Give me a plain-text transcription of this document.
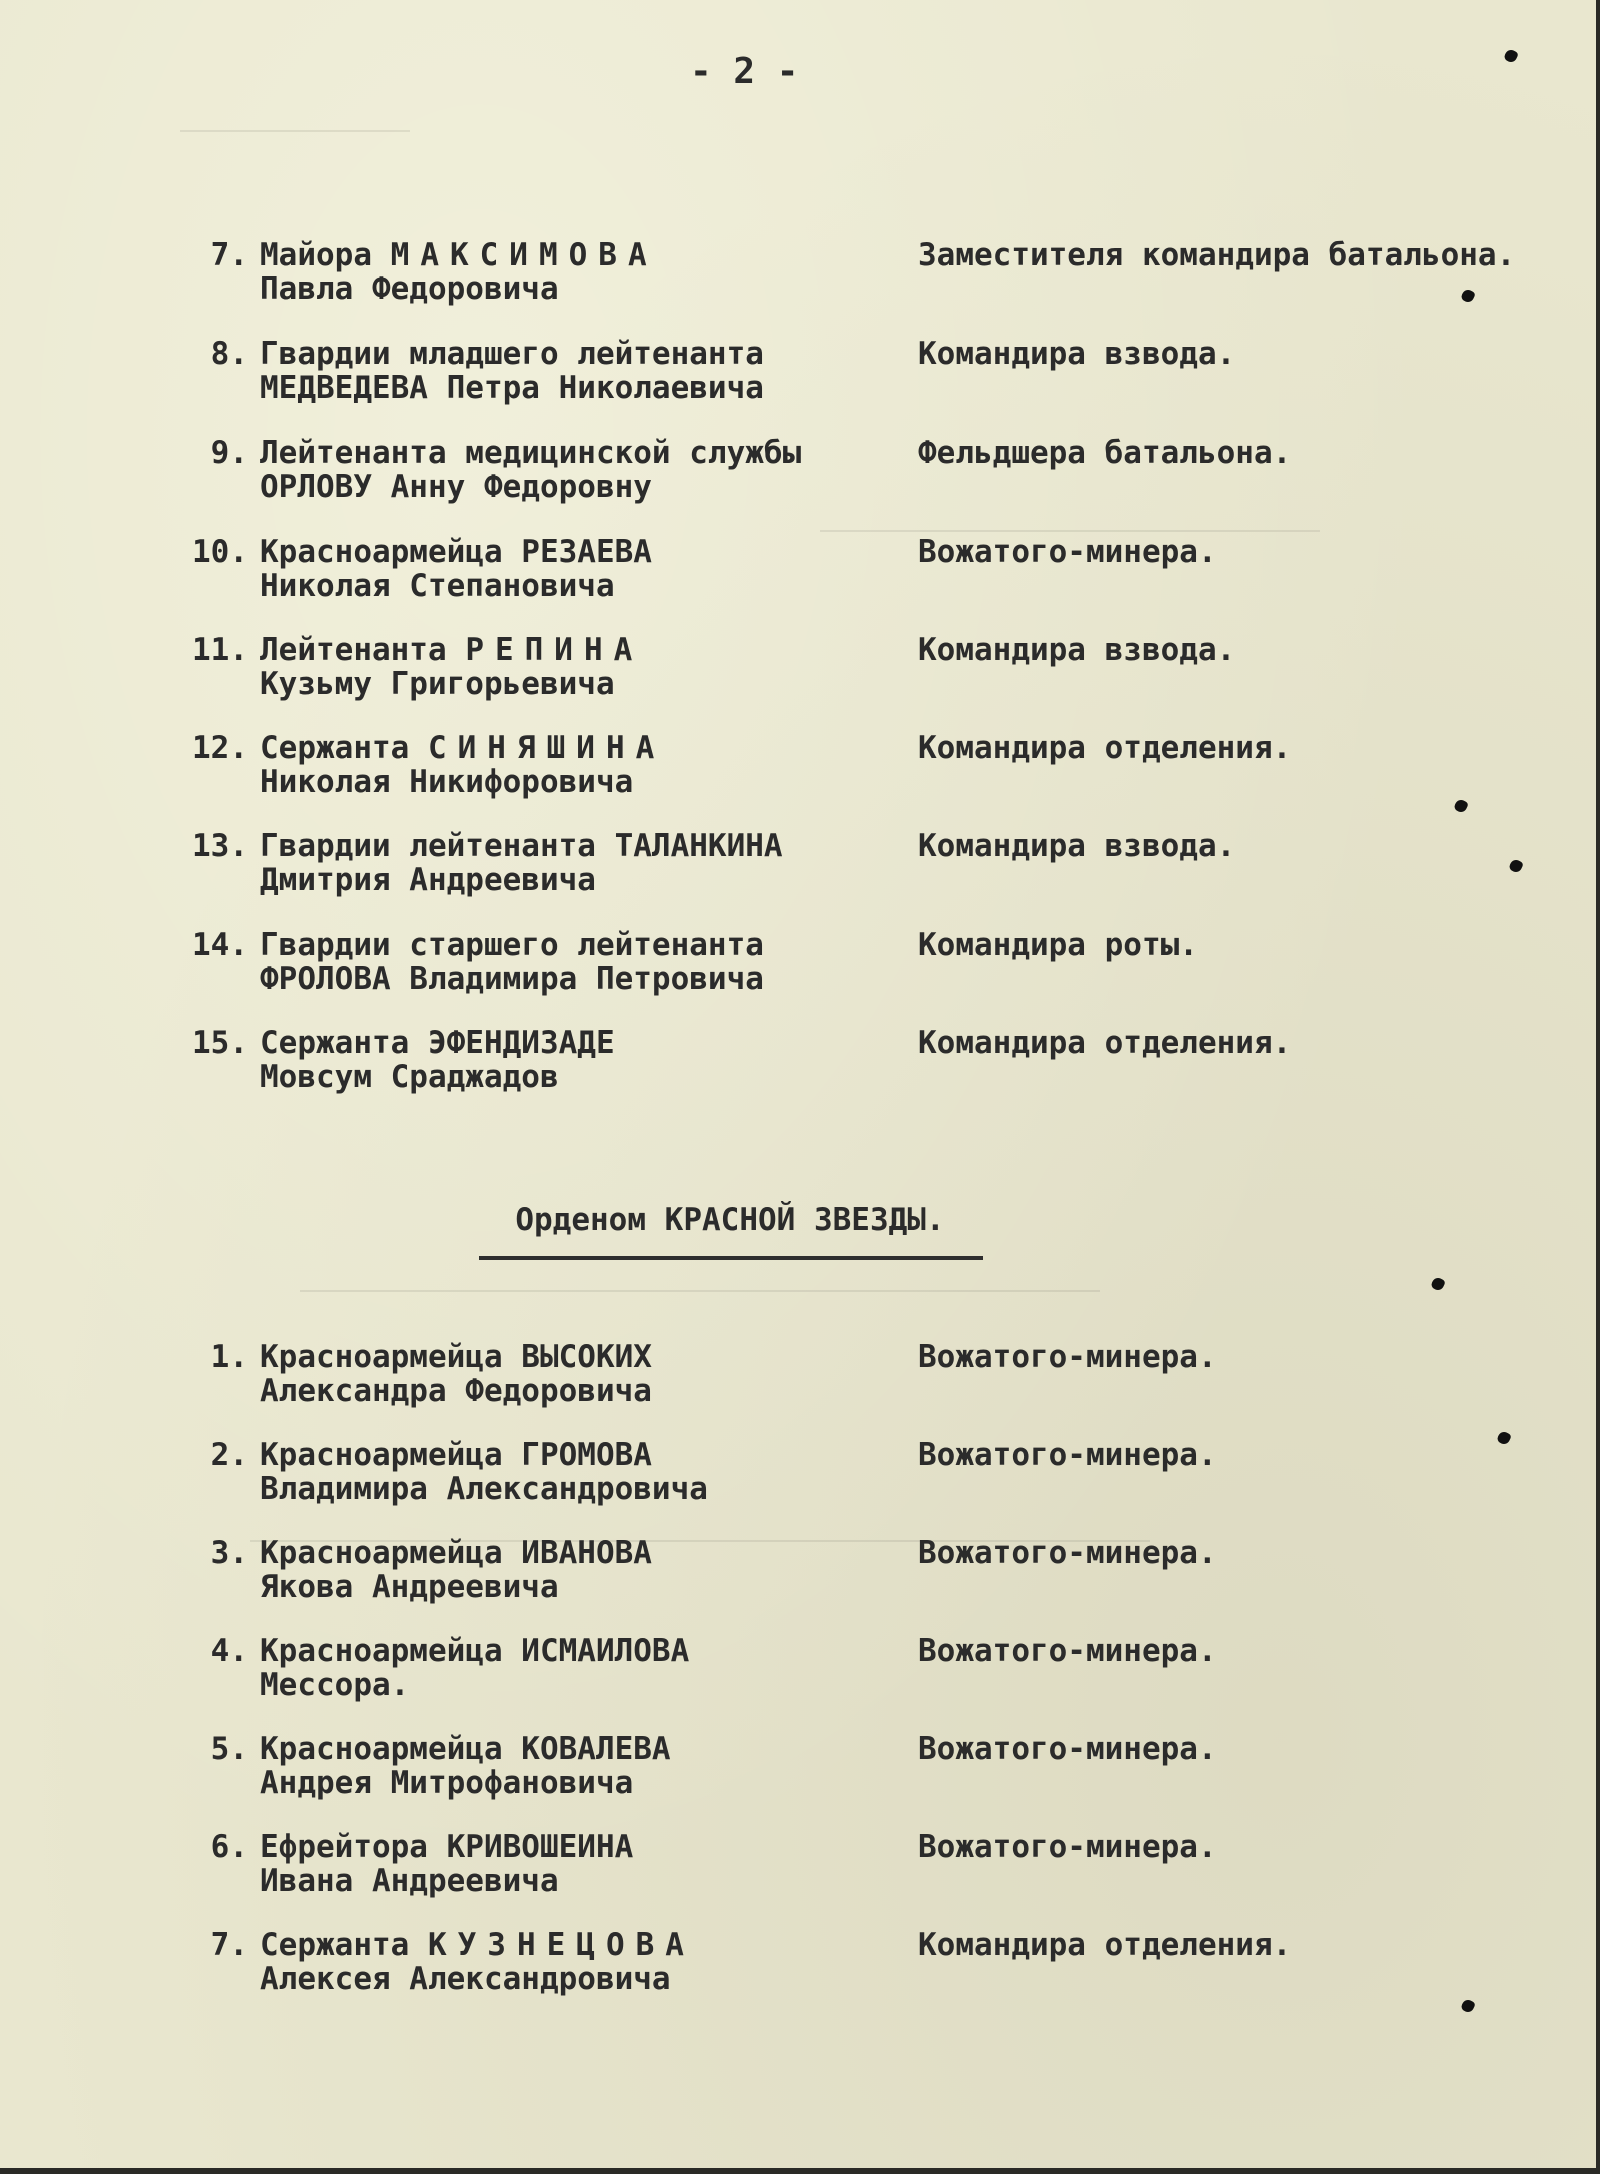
- 2 -
7. Майора МАКСИМОВА
Павла Федоровича
Заместителя командира батальона.
8. Гвардии младшего лейтенанта
МЕДВЕДЕВА Петра Николаевича
Командира взвода.
9. Лейтенанта медицинской службы
ОРЛОВУ Анну Федоровну
Фельдшера батальона.
10. Красноармейца РЕЗАЕВА
Николая Степановича
Вожатого-минера.
11. Лейтенанта РЕПИНА
Кузьму Григорьевича
Командира взвода.
12. Сержанта СИНЯШИНА
Николая Никифоровича
Командира отделения.
13. Гвардии лейтенанта ТАЛАНКИНА
Дмитрия Андреевича
Командира взвода.
14. Гвардии старшего лейтенанта
ФРОЛОВА Владимира Петровича
Командира роты.
15. Сержанта ЭФЕНДИЗАДЕ
Мовсум Сраджадов
Командира отделения.
Орденом КРАСНОЙ ЗВЕЗДЫ.
1. Красноармейца ВЫСОКИХ
Александра Федоровича
Вожатого-минера.
2. Красноармейца ГРОМОВА
Владимира Александровича
Вожатого-минера.
3. Красноармейца ИВАНОВА
Якова Андреевича
Вожатого-минера.
4. Красноармейца ИСМАИЛОВА
Мессора.
Вожатого-минера.
5. Красноармейца КОВАЛЕВА
Андрея Митрофановича
Вожатого-минера.
6. Ефрейтора КРИВОШЕИНА
Ивана Андреевича
Вожатого-минера.
7. Сержанта КУЗНЕЦОВА
Алексея Александровича
Командира отделения.
